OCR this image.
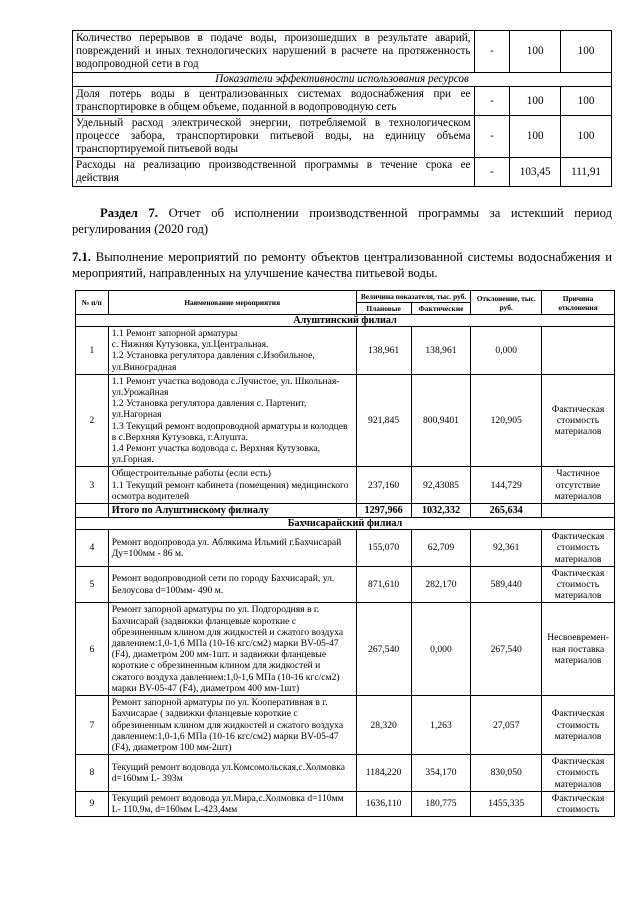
Количество перерывов в подаче воды, произошедших в результате аварий, повреждений и иных технологических нарушений в расчете на протяженность водопроводной сети в год	-	100	100
Показатели эффективности использования ресурсов			
Доля потерь воды в централизованных системах водоснабжения при ее транспортировке в общем объеме, поданной в водопроводную сеть	-	100	100
Удельный расход электрической энергии, потребляемой в технологическом процессе забора, транспортировки питьевой воды, на единицу объема транспортируемой питьевой воды	-	100	100
Расходы на реализацию производственной программы в течение срока ее действия	-	103,45	111,91
Раздел 7. Отчет об исполнении производственной программы за истекший период регулирования (2020 год)
7.1. Выполнение мероприятий по ремонту объектов централизованной системы водоснабжения и мероприятий, направленных на улучшение качества питьевой воды.
№ п/п	Наименование мероприятия	Величина показателя, тыс. руб.		Отклонение, тыс. руб.	Причина отклонения
		Плановые	Фактические		
Алуштинский филиал					
1	1.1 Ремонт запорной арматуры
с. Нижняя Кутузовка, ул.Центральная.
1.2 Установка регулятора давления с.Изобильное, ул.Виноградная	138,961	138,961	0,000	
2	1.1 Ремонт участка водовода с.Лучистое, ул. Школьная-ул.Урожайная
1.2 Установка регулятора давления с. Партенит, ул.Нагорная
1.3 Текущий ремонт водопроводной арматуры и колодцев в с.Верхняя Кутузовка, г.Алушта.
1.4 Ремонт участка водовода с. Верхняя Кутузовка, ул.Горная.	921,845	800,9401	120,905	Фактическая стоимость материалов
3	Общестроительные работы (если есть)
1.1 Текущий ремонт кабинета (помещения) медицинского осмотра водителей	237,160	92,43085	144,729	Частичное отсутствие материалов
	Итого по Алуштинскому филиалу	1297,966	1032,332	265,634	
Бахчисарайский филиал					
4	Ремонт водопровода ул. Аблякима Ильмий г.Бахчисарай Ду=100мм - 86 м.	155,070	62,709	92,361	Фактическая стоимость материалов
5	Ремонт водопроводной сети по городу Бахчисарай, ул. Белоусова d=100мм- 490 м.	871,610	282,170	589,440	Фактическая стоимость материалов
6	Ремонт запорной арматуры по ул. Подгородняя в г. Бахчисарай (задвижки фланцевые короткие с обрезиненным клином для жидкостей и сжатого воздуха давлением:1,0-1,6 МПа (10-16 кгс/см2) марки BV-05-47 (F4), диаметром 200 мм-1шт. и задвижки фланцевые короткие с обрезиненным клином для жидкостей и сжатого воздуха давлением:1,0-1,6 МПа (10-16 кгс/см2) марки BV-05-47 (F4), диаметром 400 мм-1шт)	267,540	0,000	267,540	Несвоевремен-ная поставка материалов
7	Ремонт запорной арматуры по ул. Кооперативная в г. Бахчисарае ( задвижки фланцевые короткие с обрезиненным клином для жидкостей и сжатого воздуха давлением:1,0-1,6 МПа (10-16 кгс/см2) марки BV-05-47 (F4), диаметром 100 мм-2шт)	28,320	1,263	27,057	Фактическая стоимость материалов
8	Текущий ремонт водовода ул.Комсомольская,с.Холмовка d=160мм L- 393м	1184,220	354,170	830,050	Фактическая стоимость материалов
9	Текущий ремонт водовода ул.Мира,с.Холмовка d=110мм L- 110,9м, d=160мм L-423,4мм	1636,110	180,775	1455,335	Фактическая стоимость
